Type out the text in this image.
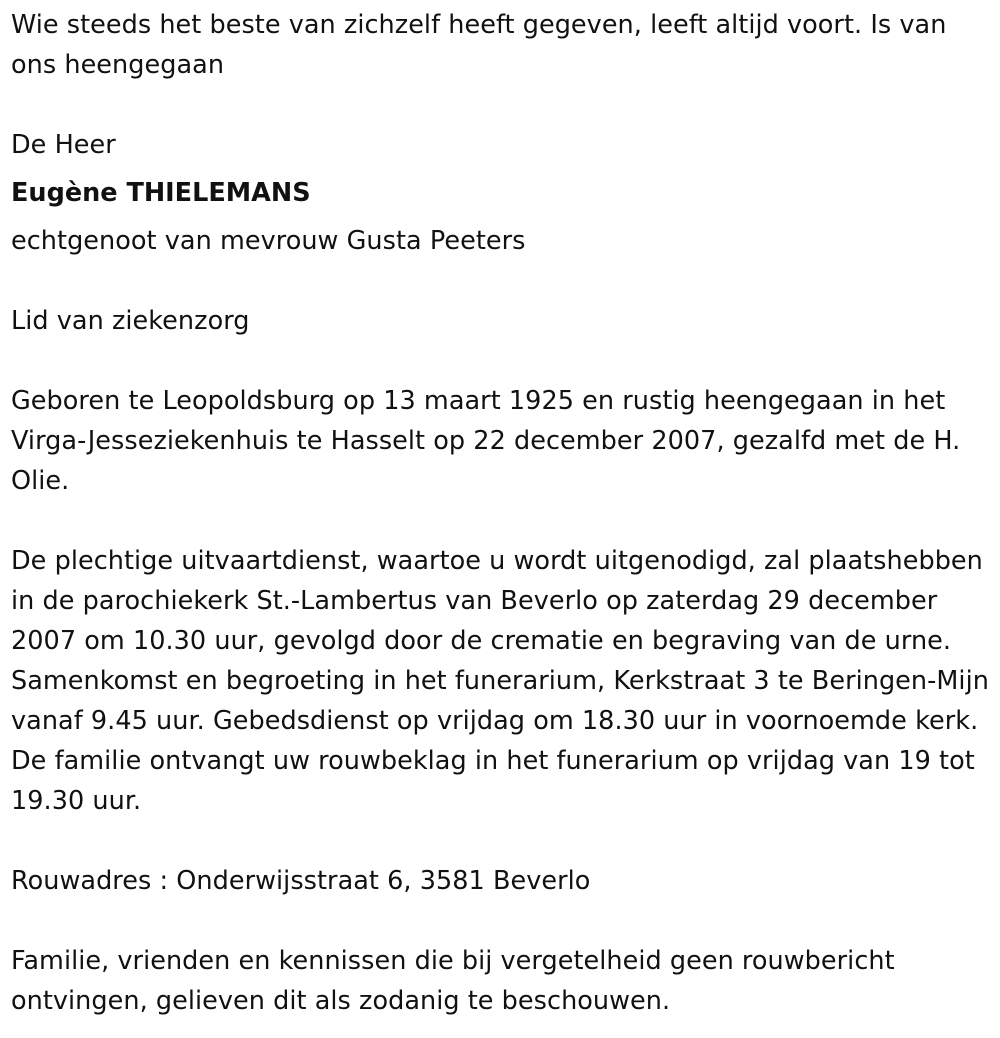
Wie steeds het beste van zichzelf heeft gegeven, leeft altijd voort. Is van ons heengegaan

De Heer

Eugène THIELEMANS

echtgenoot van mevrouw Gusta Peeters

Lid van ziekenzorg

Geboren te Leopoldsburg op 13 maart 1925 en rustig heengegaan in het Virga-Jesseziekenhuis te Hasselt op 22 december 2007, gezalfd met de H. Olie.

De plechtige uitvaartdienst, waartoe u wordt uitgenodigd, zal plaatshebben in de parochiekerk St.-Lambertus van Beverlo op zaterdag 29 december 2007 om 10.30 uur, gevolgd door de crematie en begraving van de urne. Samenkomst en begroeting in het funerarium, Kerkstraat 3 te Beringen-Mijn vanaf 9.45 uur. Gebedsdienst op vrijdag om 18.30 uur in voornoemde kerk. De familie ontvangt uw rouwbeklag in het funerarium op vrijdag van 19 tot 19.30 uur.

Rouwadres : Onderwijsstraat 6, 3581 Beverlo

Familie, vrienden en kennissen die bij vergetelheid geen rouwbericht ontvingen, gelieven dit als zodanig te beschouwen.
